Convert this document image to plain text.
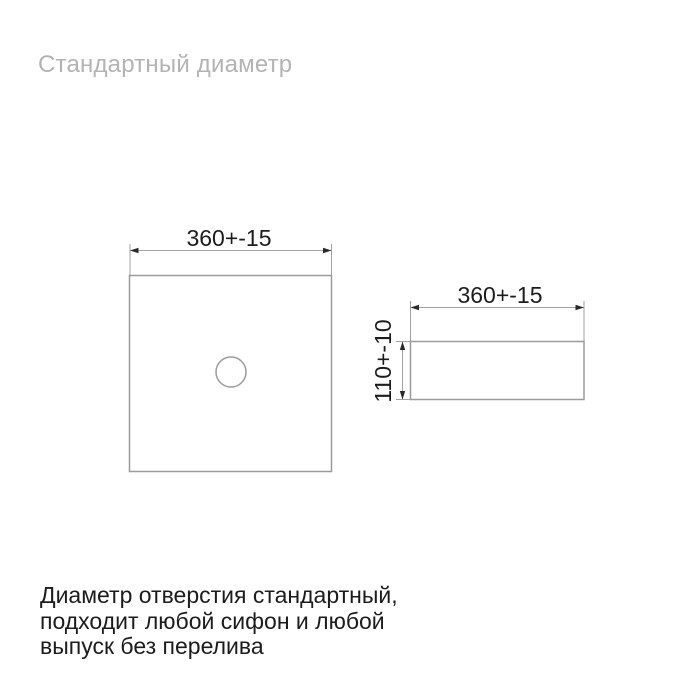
Стандартный диаметр
360+-15
360+-15
110+-10
Диаметр отверстия стандартный,
подходит любой сифон и любой
выпуск без перелива
